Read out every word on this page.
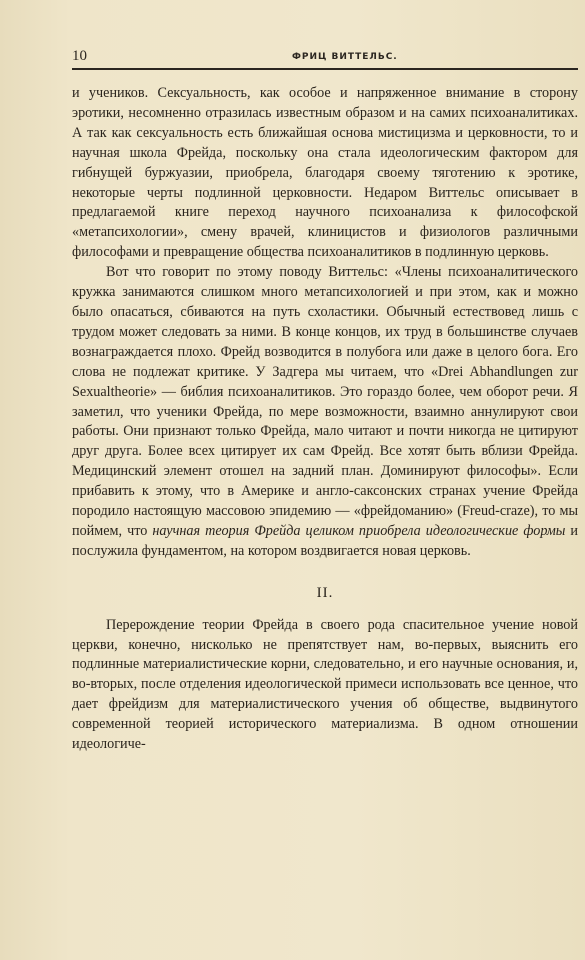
10	ФРИЦ ВИТТЕЛЬС.

и учеников. Сексуальность, как особое и напряженное внимание в сторону эротики, несомненно отразилась известным образом и на самих психоаналитиках. А так как сексуальность есть ближайшая основа мистицизма и церковности, то и научная школа Фрейда, поскольку она стала идеологическим фактором для гибнущей буржуазии, приобрела, благодаря своему тяготению к эротике, некоторые черты подлинной церковности. Недаром Виттельс описывает в предлагаемой книге переход научного психоанализа к философской «метапсихологии», смену врачей, клиницистов и физиологов различными философами и превращение общества психоаналитиков в подлинную церковь.

Вот что говорит по этому поводу Виттельс: «Члены психоаналитического кружка занимаются слишком много метапсихологией и при этом, как и можно было опасаться, сбиваются на путь схоластики. Обычный естествовед лишь с трудом может следовать за ними. В конце концов, их труд в большинстве случаев вознаграждается плохо. Фрейд возводится в полубога или даже в целого бога. Его слова не подлежат критике. У Задгера мы читаем, что «Drei Abhandlungen zur Sexualtheorie» — библия психоаналитиков. Это гораздо более, чем оборот речи. Я заметил, что ученики Фрейда, по мере возможности, взаимно аннулируют свои работы. Они признают только Фрейда, мало читают и почти никогда не цитируют друг друга. Более всех цитирует их сам Фрейд. Все хотят быть вблизи Фрейда. Медицинский элемент отошел на задний план. Доминируют философы». Если прибавить к этому, что в Америке и англо-саксонских странах учение Фрейда породило настоящую массовою эпидемию — «фрейдоманию» (Freud-craze), то мы поймем, что научная теория Фрейда целиком приобрела идеологические формы и послужила фундаментом, на котором воздвигается новая церковь.

II.

Перерождение теории Фрейда в своего рода спасительное учение новой церкви, конечно, нисколько не препятствует нам, во-первых, выяснить его подлинные материалистические корни, следовательно, и его научные основания, и, во-вторых, после отделения идеологической примеси использовать все ценное, что дает фрейдизм для материалистического учения об обществе, выдвинутого современной теорией исторического материализма. В одном отношении идеологиче-
